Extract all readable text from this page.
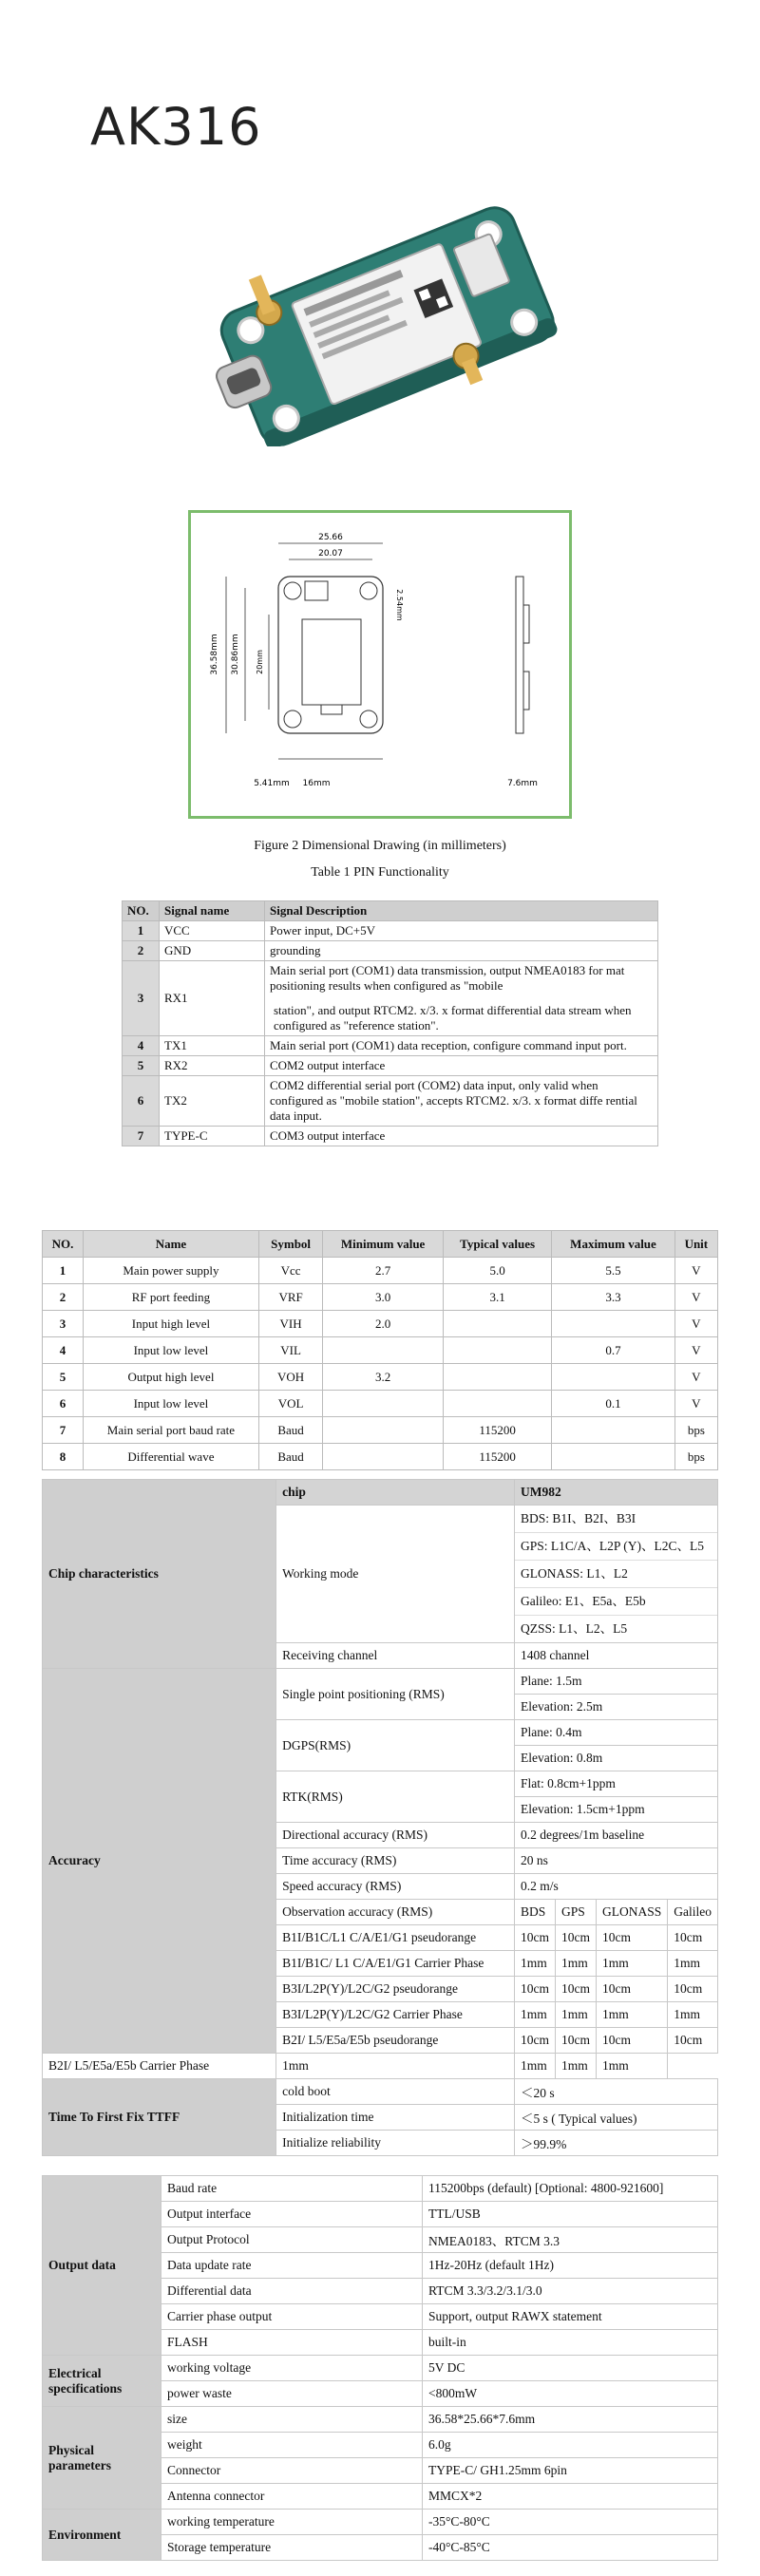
AK316
25.66
20.07
36.58mm 30.86mm 20mm
2.54mm
5.41mm 16mm	7.6mm
Figure 2 Dimensional Drawing (in millimeters)
Table 1 PIN Functionality
NO.	Signal name	Signal Description
1	VCC	Power input, DC+5V
2	GND	grounding
3	RX1	Main serial port (COM1) data transmission, output NMEA0183 for mat positioning results when configured as "mobile
station", and output RTCM2. x/3. x format differential data stream when configured as "reference station".

4	TX1	Main serial port (COM1) data reception, configure command input port.
5	RX2	COM2 output interface
6	TX2	COM2 differential serial port (COM2) data input, only valid when configured as "mobile station", accepts RTCM2. x/3. x format diffe rential data input.
7	TYPE-C	COM3 output interface
NO.	Name	Symbol	Minimum value	Typical values	Maximum value	Unit
1	Main power supply	Vcc	2.7	5.0	5.5	V
2	RF port feeding	VRF	3.0	3.1	3.3	V
3	Input high level	VIH	2.0			V
4	Input low level	VIL			0.7	V
5	Output high level	VOH	3.2			V
6	Input low level	VOL			0.1	V
7	Main serial port baud rate	Baud		115200		bps
8	Differential wave	Baud		115200		bps
Chip characteristics	chip	UM982			
	Working mode	BDS: B1I、B2I、B3I
GPS: L1C/A、L2P (Y)、L2C、L5
GLONASS: L1、L2
Galileo: E1、E5a、E5b
QZSS: L1、L2、L5			

	Receiving channel	1408 channel			
Accuracy	Single point positioning (RMS)	Plane: 1.5m			
		Elevation: 2.5m			
	DGPS(RMS)	Plane: 0.4m			
		Elevation: 0.8m			
	RTK(RMS)	Flat: 0.8cm+1ppm			
		Elevation: 1.5cm+1ppm			
	Directional accuracy (RMS)	0.2 degrees/1m baseline			
	Time accuracy (RMS)	20 ns			
	Speed accuracy (RMS)	0.2 m/s			
	Observation accuracy (RMS)	BDS	GPS	GLONASS	Galileo
	B1I/B1C/L1 C/A/E1/G1 pseudorange	10cm	10cm	10cm	10cm
	B1I/B1C/ L1 C/A/E1/G1 Carrier Phase	1mm	1mm	1mm	1mm
	B3I/L2P(Y)/L2C/G2 pseudorange	10cm	10cm	10cm	10cm
	B3I/L2P(Y)/L2C/G2 Carrier Phase	1mm	1mm	1mm	1mm
	B2I/ L5/E5a/E5b pseudorange	10cm	10cm	10cm	10cm
B2I/ L5/E5a/E5b Carrier Phase	1mm	1mm	1mm	1mm	
Time To First Fix TTFF	cold boot	＜20 s			
	Initialization time	＜5 s ( Typical values)			
	Initialize reliability	＞99.9%			
Output data	Baud rate	115200bps (default) [Optional: 4800-921600]
	Output interface	TTL/USB
	Output Protocol	NMEA0183、RTCM 3.3
	Data update rate	1Hz-20Hz (default 1Hz)
	Differential data	RTCM 3.3/3.2/3.1/3.0
	Carrier phase output	Support, output RAWX statement
	FLASH	built-in
Electrical specifications	working voltage	5V DC
	power waste	<800mW
Physical parameters	size	36.58*25.66*7.6mm
	weight	6.0g
	Connector	TYPE-C/ GH1.25mm 6pin
	Antenna connector	MMCX*2
Environment	working temperature	-35°C-80°C
	Storage temperature	-40°C-85°C
